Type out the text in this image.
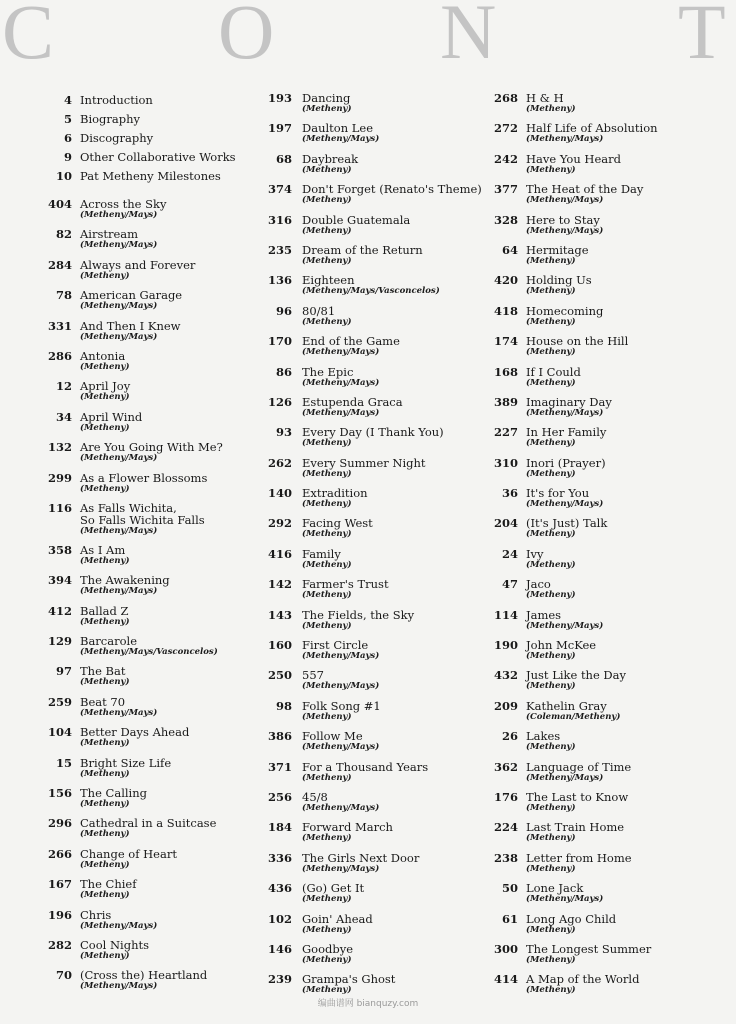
C O N T
4 Introduction
5 Biography
6 Discography
9 Other Collaborative Works
10 Pat Metheny Milestones
404 Across the Sky
(Metheny/Mays)
82 Airstream
(Metheny/Mays)
284 Always and Forever
(Metheny)
78 American Garage
(Metheny/Mays)
331 And Then I Knew
(Metheny/Mays)
286 Antonia
(Metheny)
12 April Joy
(Metheny)
34 April Wind
(Metheny)
132 Are You Going With Me?
(Metheny/Mays)
299 As a Flower Blossoms
(Metheny)
116 As Falls Wichita,
So Falls Wichita Falls
(Metheny/Mays)
358 As I Am
(Metheny)
394 The Awakening
(Metheny/Mays)
412 Ballad Z
(Metheny)
129 Barcarole
(Metheny/Mays/Vasconcelos)
97 The Bat
(Metheny)
259 Beat 70
(Metheny/Mays)
104 Better Days Ahead
(Metheny)
15 Bright Size Life
(Metheny)
156 The Calling
(Metheny)
296 Cathedral in a Suitcase
(Metheny)
266 Change of Heart
(Metheny)
167 The Chief
(Metheny)
196 Chris
(Metheny/Mays)
282 Cool Nights
(Metheny)
70 (Cross the) Heartland
(Metheny/Mays)
193 Dancing
(Metheny)
197 Daulton Lee
(Metheny/Mays)
68 Daybreak
(Metheny)
374 Don't Forget (Renato's Theme)
(Metheny)
316 Double Guatemala
(Metheny)
235 Dream of the Return
(Metheny)
136 Eighteen
(Metheny/Mays/Vasconcelos)
96 80/81
(Metheny)
170 End of the Game
(Metheny/Mays)
86 The Epic
(Metheny/Mays)
126 Estupenda Graca
(Metheny/Mays)
93 Every Day (I Thank You)
(Metheny)
262 Every Summer Night
(Metheny)
140 Extradition
(Metheny)
292 Facing West
(Metheny)
416 Family
(Metheny)
142 Farmer's Trust
(Metheny)
143 The Fields, the Sky
(Metheny)
160 First Circle
(Metheny/Mays)
250 557
(Metheny/Mays)
98 Folk Song #1
(Metheny)
386 Follow Me
(Metheny/Mays)
371 For a Thousand Years
(Metheny)
256 45/8
(Metheny/Mays)
184 Forward March
(Metheny)
336 The Girls Next Door
(Metheny/Mays)
436 (Go) Get It
(Metheny)
102 Goin' Ahead
(Metheny)
146 Goodbye
(Metheny)
239 Grampa's Ghost
(Metheny)
268 H & H
(Metheny)
272 Half Life of Absolution
(Metheny/Mays)
242 Have You Heard
(Metheny)
377 The Heat of the Day
(Metheny/Mays)
328 Here to Stay
(Metheny/Mays)
64 Hermitage
(Metheny)
420 Holding Us
(Metheny)
418 Homecoming
(Metheny)
174 House on the Hill
(Metheny)
168 If I Could
(Metheny)
389 Imaginary Day
(Metheny/Mays)
227 In Her Family
(Metheny)
310 Inori (Prayer)
(Metheny)
36 It's for You
(Metheny/Mays)
204 (It's Just) Talk
(Metheny)
24 Ivy
(Metheny)
47 Jaco
(Metheny)
114 James
(Metheny/Mays)
190 John McKee
(Metheny)
432 Just Like the Day
(Metheny)
209 Kathelin Gray
(Coleman/Metheny)
26 Lakes
(Metheny)
362 Language of Time
(Metheny/Mays)
176 The Last to Know
(Metheny)
224 Last Train Home
(Metheny)
238 Letter from Home
(Metheny)
50 Lone Jack
(Metheny/Mays)
61 Long Ago Child
(Metheny)
300 The Longest Summer
(Metheny)
414 A Map of the World
(Metheny)
编曲谱网 bianquzy.com
